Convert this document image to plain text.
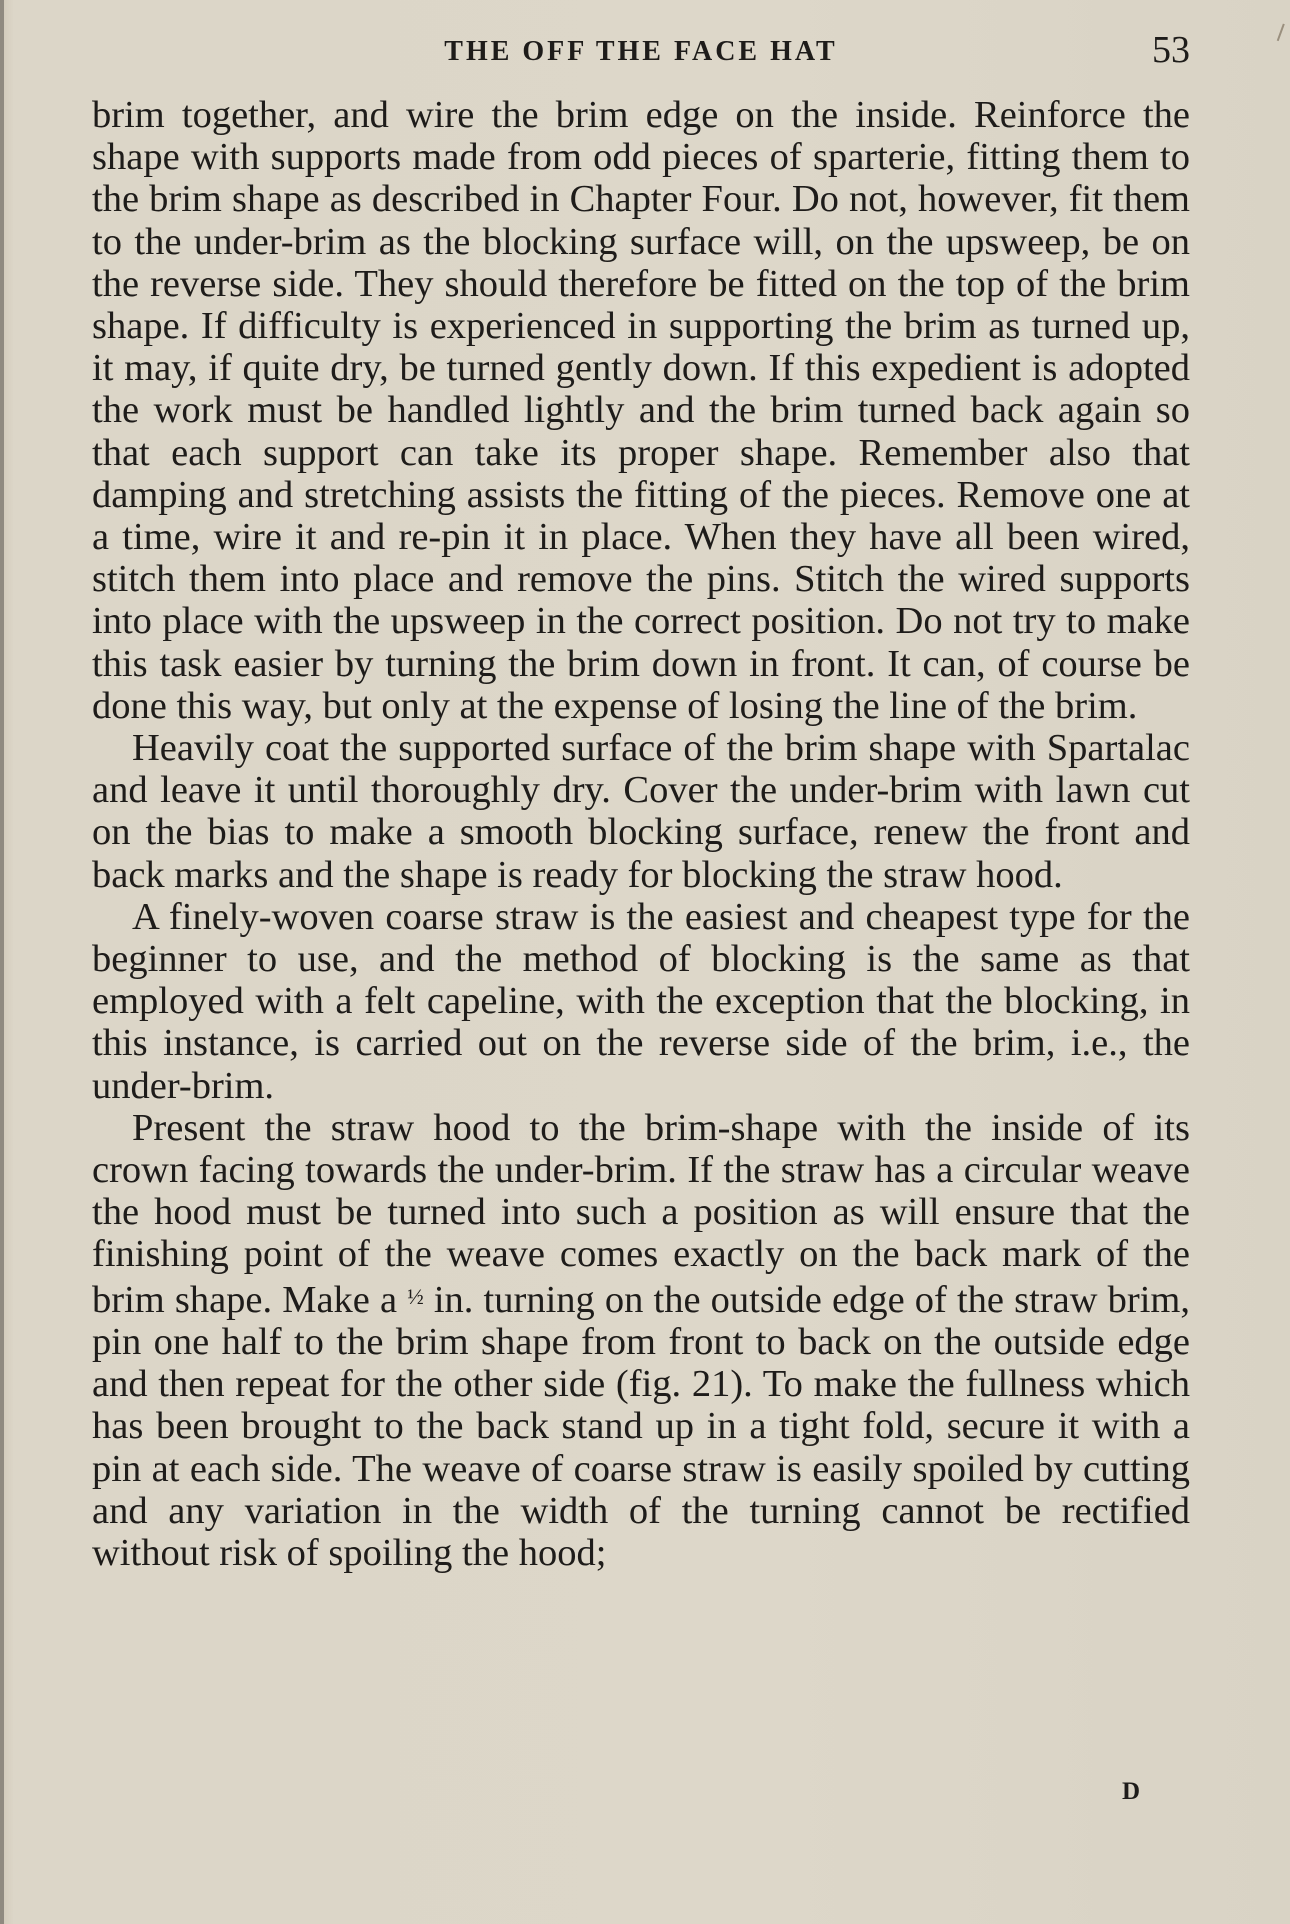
THE OFF THE FACE HAT	53

brim together, and wire the brim edge on the inside. Reinforce the shape with supports made from odd pieces of sparterie, fitting them to the brim shape as described in Chapter Four. Do not, however, fit them to the under-brim as the blocking surface will, on the upsweep, be on the reverse side. They should therefore be fitted on the top of the brim shape. If difficulty is experienced in supporting the brim as turned up, it may, if quite dry, be turned gently down. If this expedient is adopted the work must be handled lightly and the brim turned back again so that each support can take its proper shape. Remember also that damping and stretching assists the fitting of the pieces. Remove one at a time, wire it and re-pin it in place. When they have all been wired, stitch them into place and remove the pins. Stitch the wired supports into place with the upsweep in the correct position. Do not try to make this task easier by turning the brim down in front. It can, of course be done this way, but only at the expense of losing the line of the brim.

Heavily coat the supported surface of the brim shape with Spartalac and leave it until thoroughly dry. Cover the under-brim with lawn cut on the bias to make a smooth blocking surface, renew the front and back marks and the shape is ready for blocking the straw hood.

A finely-woven coarse straw is the easiest and cheapest type for the beginner to use, and the method of blocking is the same as that employed with a felt capeline, with the exception that the blocking, in this instance, is carried out on the reverse side of the brim, i.e., the under-brim.

Present the straw hood to the brim-shape with the inside of its crown facing towards the under-brim. If the straw has a circular weave the hood must be turned into such a position as will ensure that the finishing point of the weave comes exactly on the back mark of the brim shape. Make a $^{\frac{1}{2}}$ in. turning on the outside edge of the straw brim, pin one half to the brim shape from front to back on the outside edge and then repeat for the other side (fig. 21). To make the fullness which has been brought to the back stand up in a tight fold, secure it with a pin at each side. The weave of coarse straw is easily spoiled by cutting and any variation in the width of the turning cannot be rectified without risk of spoiling the hood;

D
